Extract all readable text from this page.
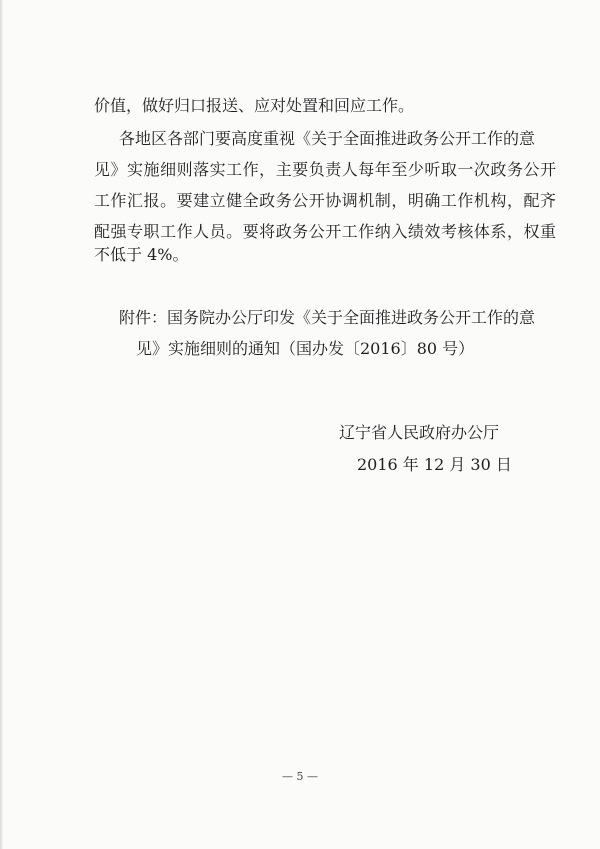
价值，做好归口报送、应对处置和回应工作。
各地区各部门要高度重视《关于全面推进政务公开工作的意
见》实施细则落实工作，主要负责人每年至少听取一次政务公开
工作汇报。要建立健全政务公开协调机制，明确工作机构，配齐
配强专职工作人员。要将政务公开工作纳入绩效考核体系，权重
不低于 4%。
附件：国务院办公厅印发《关于全面推进政务公开工作的意
见》实施细则的通知（国办发〔2016〕80 号）
辽宁省人民政府办公厅
2016 年 12 月 30 日
— 5 —
